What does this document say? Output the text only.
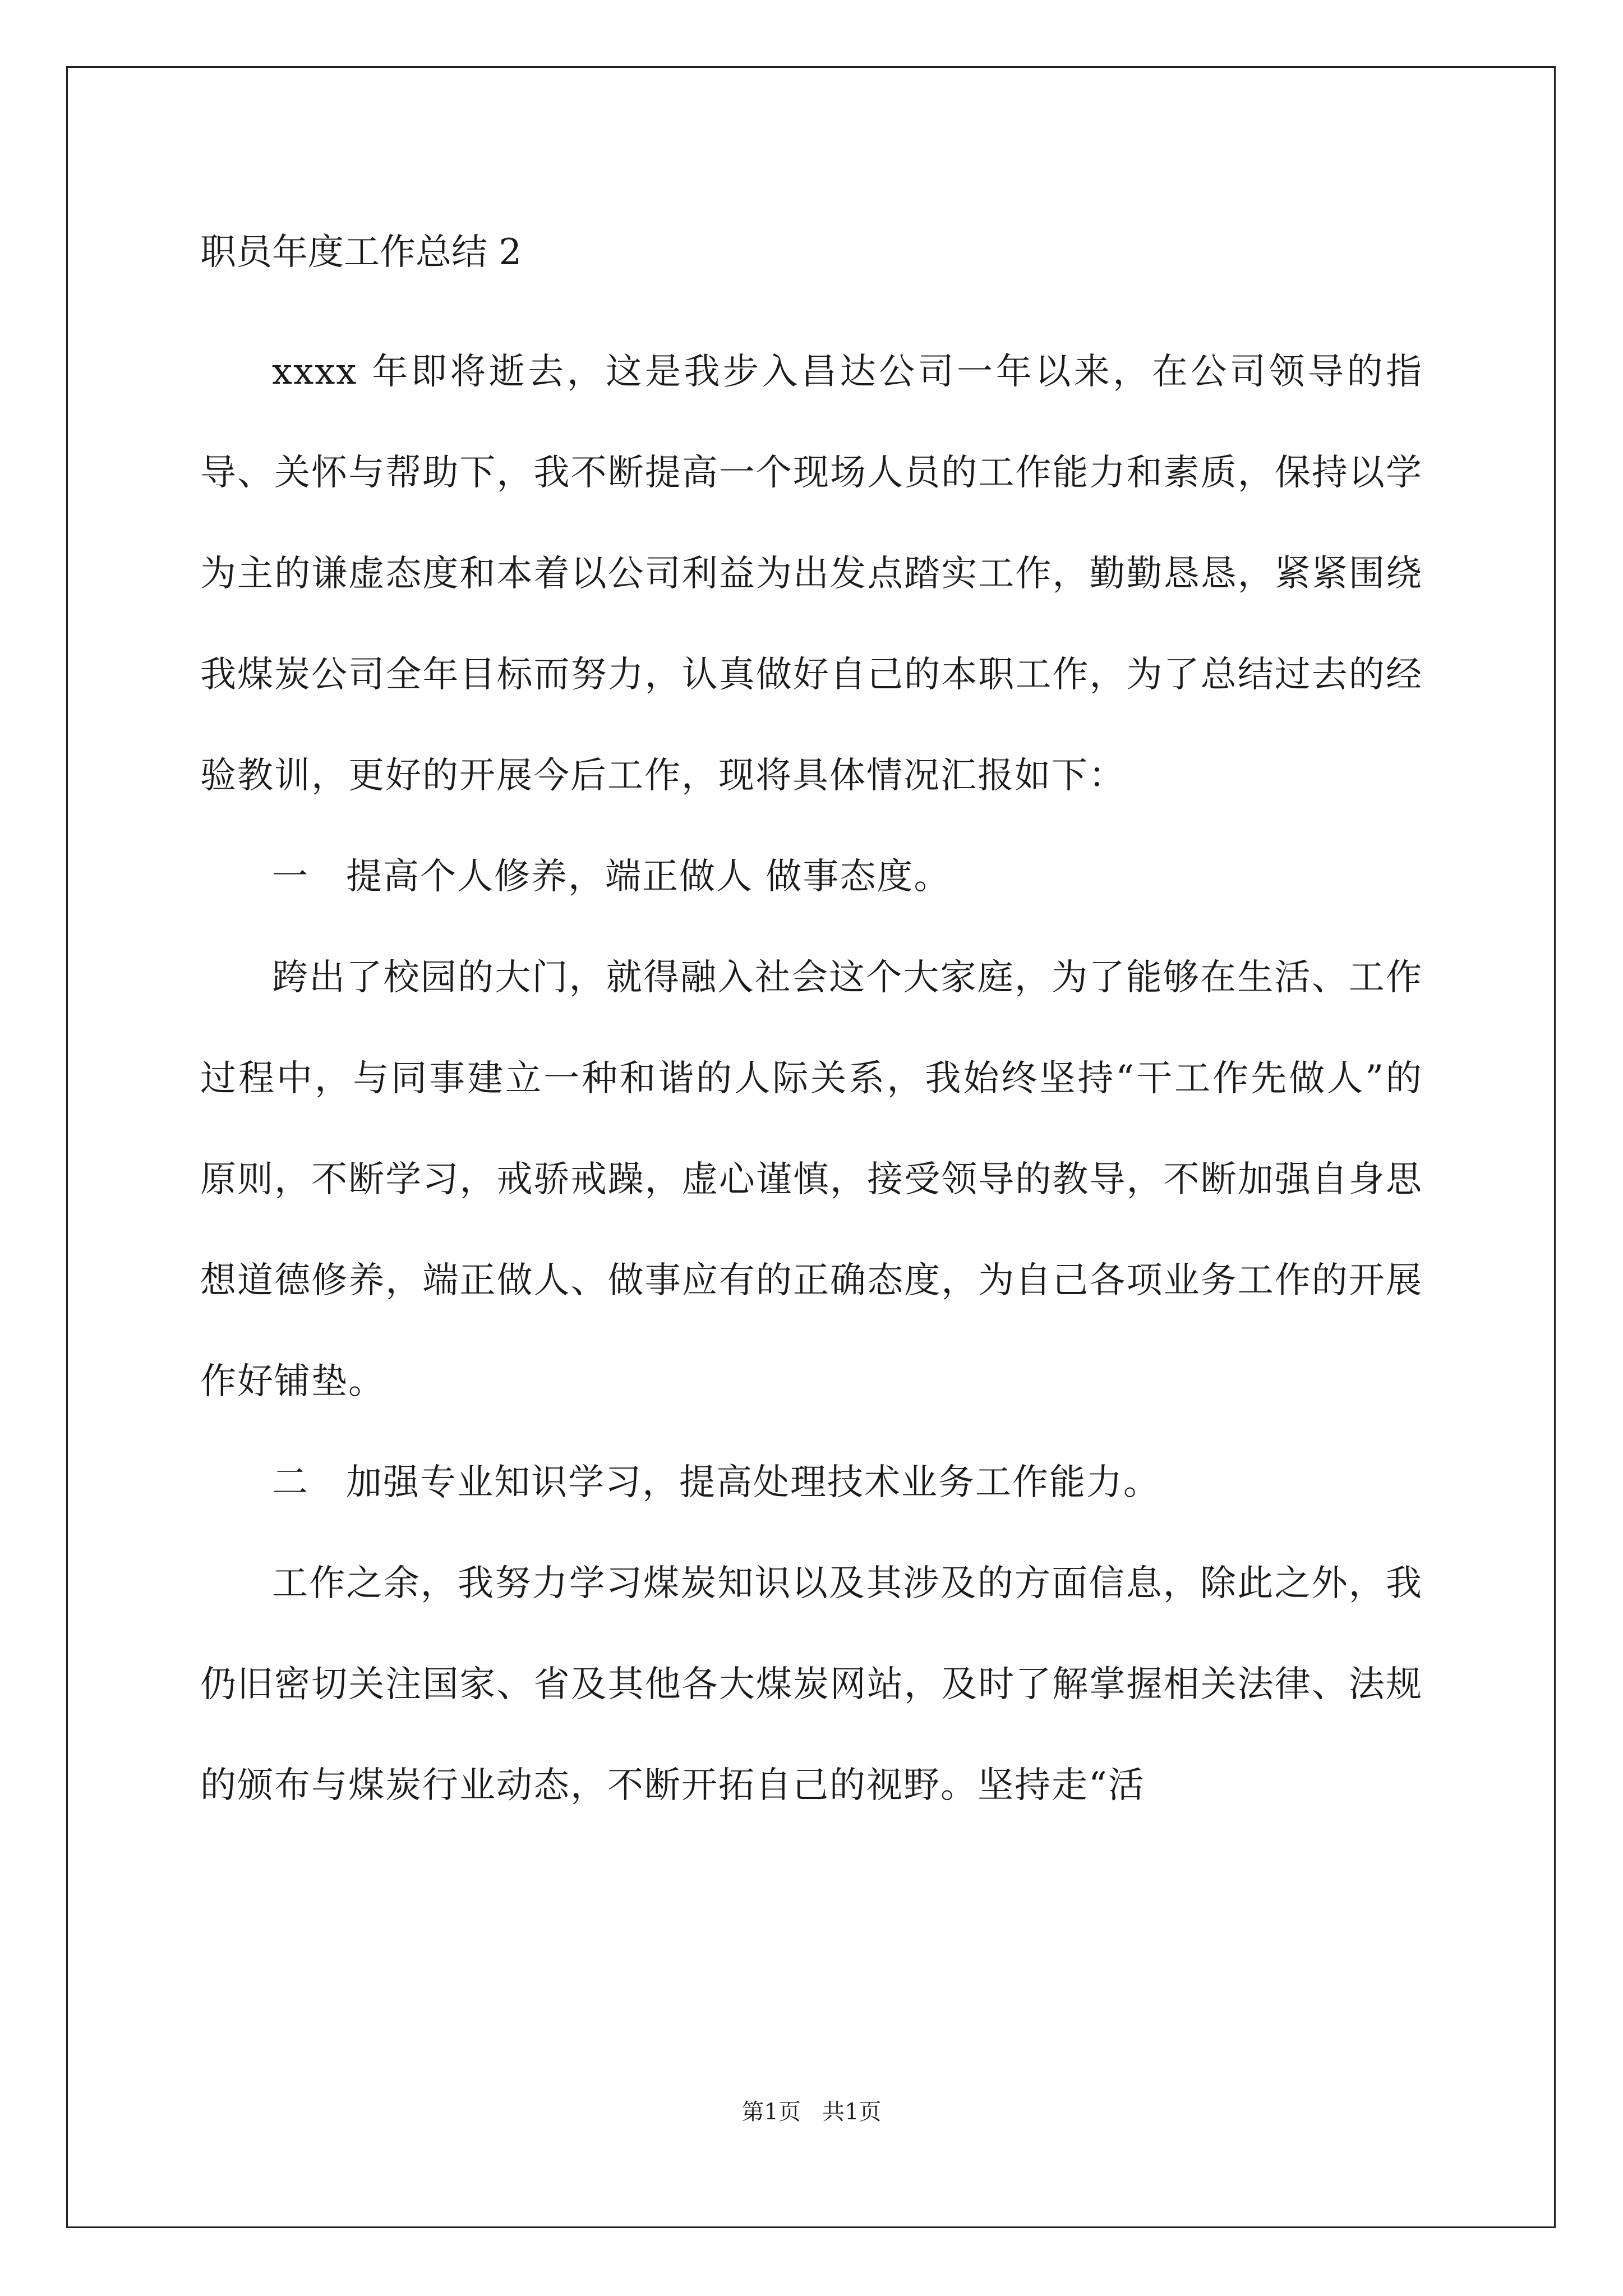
职员年度工作总结 2

xxxx 年即将逝去，这是我步入昌达公司一年以来，在公司领导的指导、关怀与帮助下，我不断提高一个现场人员的工作能力和素质，保持以学为主的谦虚态度和本着以公司利益为出发点踏实工作，勤勤恳恳，紧紧围绕我煤炭公司全年目标而努力，认真做好自己的本职工作，为了总结过去的经验教训，更好的开展今后工作，现将具体情况汇报如下：

一　提高个人修养，端正做人 做事态度。

跨出了校园的大门，就得融入社会这个大家庭，为了能够在生活、工作过程中，与同事建立一种和谐的人际关系，我始终坚持“干工作先做人”的原则，不断学习，戒骄戒躁，虚心谨慎，接受领导的教导，不断加强自身思想道德修养，端正做人、做事应有的正确态度，为自己各项业务工作的开展作好铺垫。

二　加强专业知识学习，提高处理技术业务工作能力。

工作之余，我努力学习煤炭知识以及其涉及的方面信息，除此之外，我仍旧密切关注国家、省及其他各大煤炭网站，及时了解掌握相关法律、法规的颁布与煤炭行业动态，不断开拓自己的视野。坚持走“活

第1页 共1页
